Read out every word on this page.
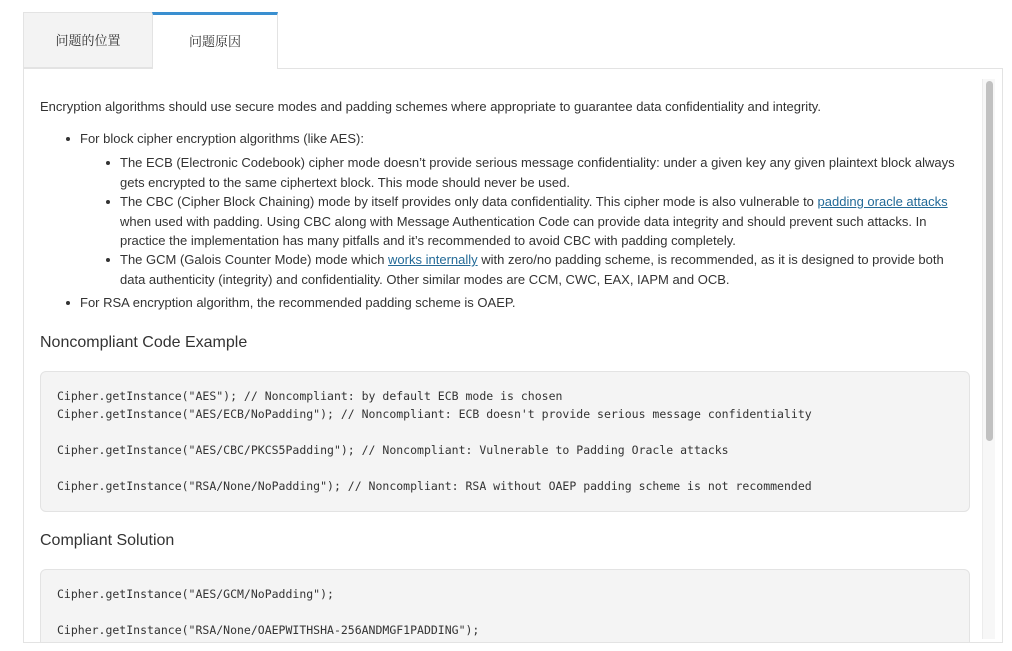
问题的位置	问题原因
Encryption algorithms should use secure modes and padding schemes where appropriate to guarantee data confidentiality and integrity.
For block cipher encryption algorithms (like AES):
The ECB (Electronic Codebook) cipher mode doesn’t provide serious message confidentiality: under a given key any given plaintext block always
gets encrypted to the same ciphertext block. This mode should never be used.
The CBC (Cipher Block Chaining) mode by itself provides only data confidentiality. This cipher mode is also vulnerable to padding oracle attacks
when used with padding. Using CBC along with Message Authentication Code can provide data integrity and should prevent such attacks. In
practice the implementation has many pitfalls and it’s recommended to avoid CBC with padding completely.
The GCM (Galois Counter Mode) mode which works internally with zero/no padding scheme, is recommended, as it is designed to provide both
data authenticity (integrity) and confidentiality. Other similar modes are CCM, CWC, EAX, IAPM and OCB.
For RSA encryption algorithm, the recommended padding scheme is OAEP.
Noncompliant Code Example
Cipher.getInstance("AES"); // Noncompliant: by default ECB mode is chosen
Cipher.getInstance("AES/ECB/NoPadding"); // Noncompliant: ECB doesn't provide serious message confidentiality
Cipher.getInstance("AES/CBC/PKCS5Padding"); // Noncompliant: Vulnerable to Padding Oracle attacks
Cipher.getInstance("RSA/None/NoPadding"); // Noncompliant: RSA without OAEP padding scheme is not recommended
Compliant Solution
Cipher.getInstance("AES/GCM/NoPadding");
Cipher.getInstance("RSA/None/OAEPWITHSHA-256ANDMGF1PADDING");
